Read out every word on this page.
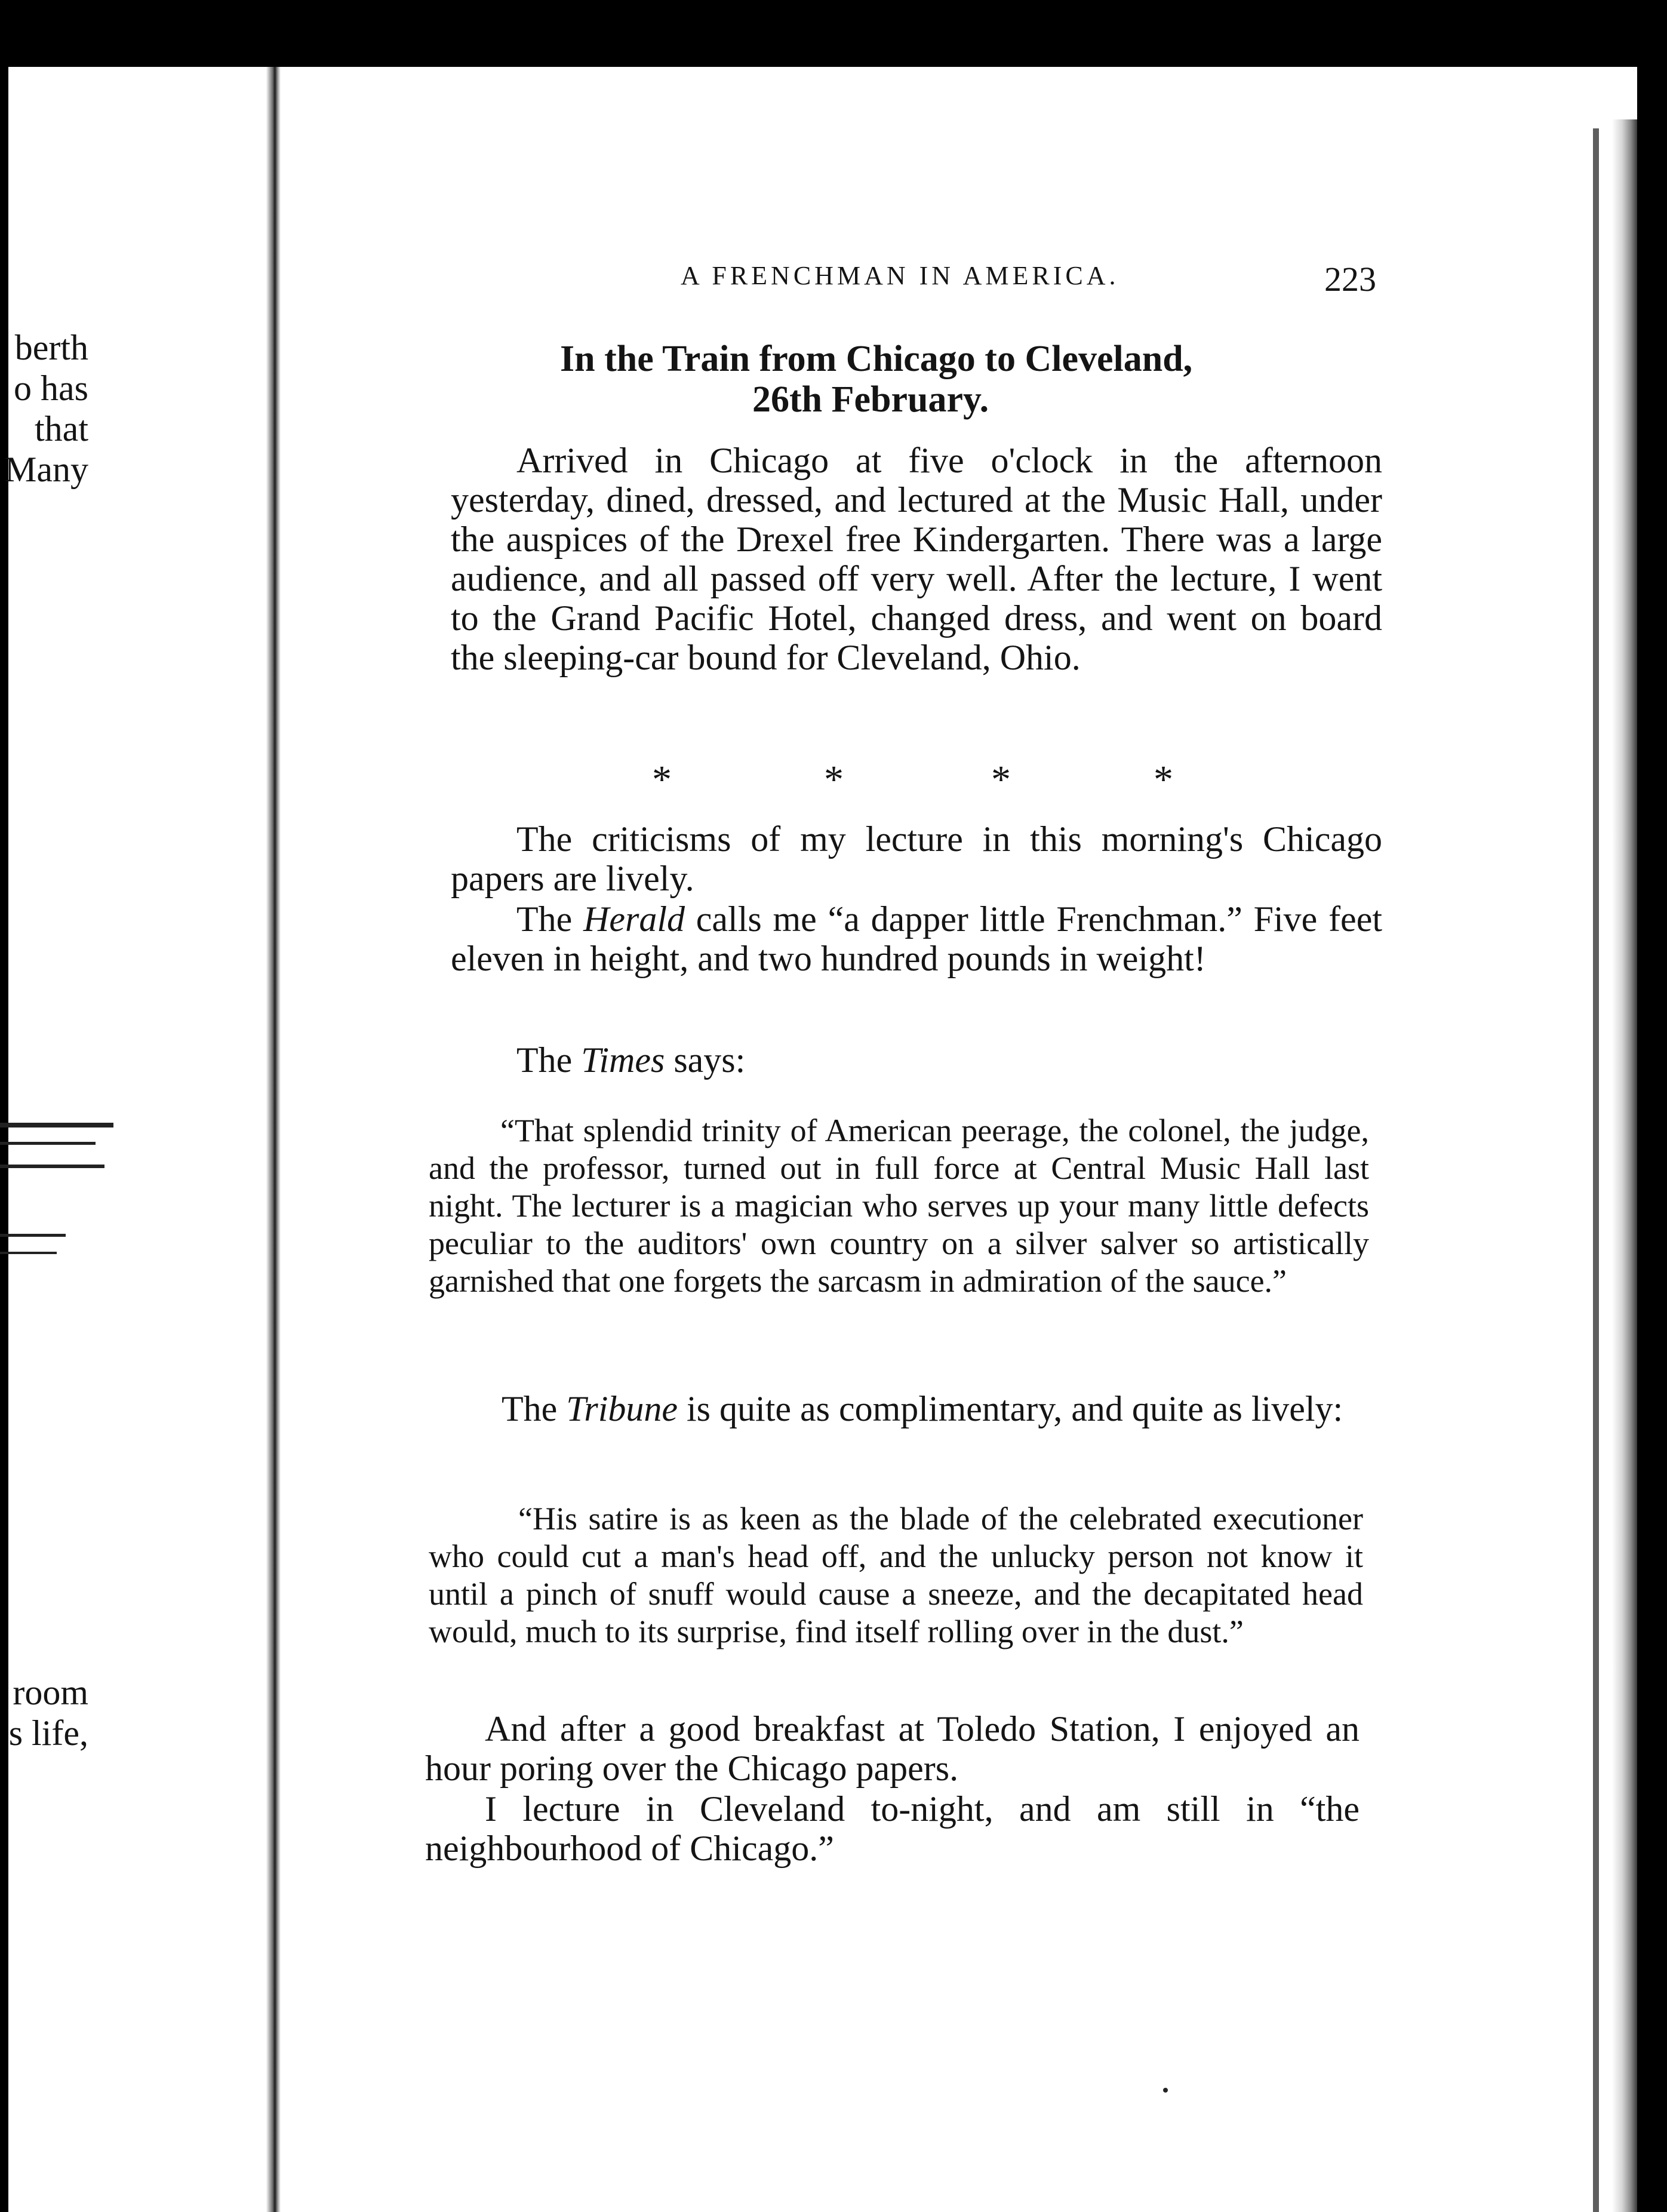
berth
o has
that
Many
room
s life,
A FRENCHMAN IN AMERICA.	223
In the Train from Chicago to Cleveland,
26th February.
Arrived in Chicago at five o'clock in the afternoon yesterday, dined, dressed, and lectured at the Music Hall, under the auspices of the Drexel free Kindergarten. There was a large audience, and all passed off very well. After the lecture, I went to the Grand Pacific Hotel, changed dress, and went on board the sleeping-car bound for Cleveland, Ohio.
*	*	*	*
The criticisms of my lecture in this morning's Chicago papers are lively.
The Herald calls me “a dapper little Frenchman.” Five feet eleven in height, and two hundred pounds in weight!
The Times says:
“That splendid trinity of American peerage, the colonel, the judge, and the professor, turned out in full force at Central Music Hall last night. The lecturer is a magician who serves up your many little defects peculiar to the auditors' own country on a silver salver so artistically garnished that one forgets the sarcasm in admiration of the sauce.”
The Tribune is quite as complimentary, and quite as lively:
“His satire is as keen as the blade of the celebrated executioner who could cut a man's head off, and the unlucky person not know it until a pinch of snuff would cause a sneeze, and the decapitated head would, much to its surprise, find itself rolling over in the dust.”
And after a good breakfast at Toledo Station, I enjoyed an hour poring over the Chicago papers.
I lecture in Cleveland to-night, and am still in “the neighbourhood of Chicago.”
